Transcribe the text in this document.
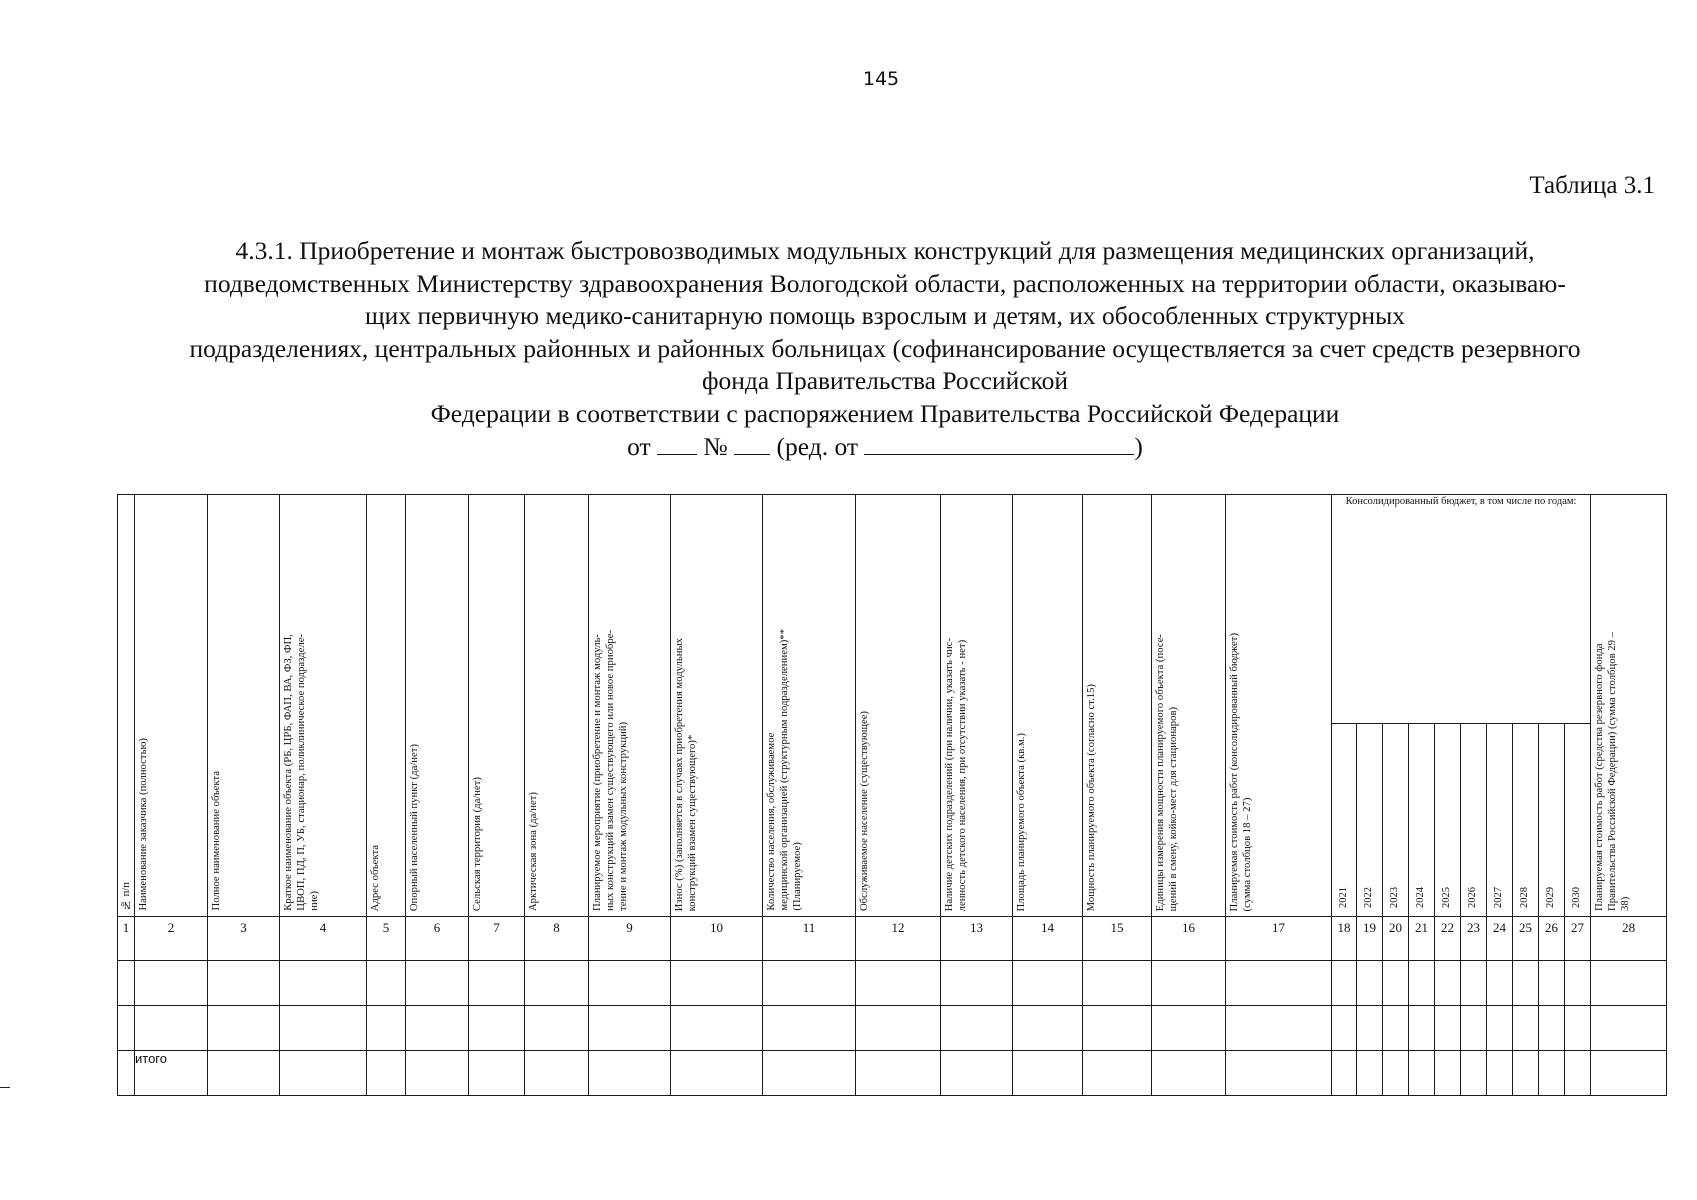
145
Таблица 3.1
4.3.1. Приобретение и монтаж быстровозводимых модульных конструкций для размещения медицинских организаций,
подведомственных Министерству здравоохранения Вологодской области, расположенных на территории области, оказываю-
щих первичную медико-санитарную помощь взрослым и детям, их обособленных структурных
подразделениях, центральных районных и районных больницах (софинансирование осуществляется за счет средств резервного
фонда Правительства Российской
Федерации в соответствии с распоряжением Правительства Российской Федерации
от № (ред. от	)
№ п/п	Наименование заказчика (полностью)	Полное наименование объекта	Краткое наименование объекта (РБ, ЦРБ, ФАП, ВА, ФЗ, ФП,
ЦВОП, ПД, П, УБ, стационар, поликлиническое подразделе-
ние)	Адрес объекта	Опорный населенный пункт (да/нет)	Сельская территория (да/нет)	Арктическая зона (да/нет)	Планируемое мероприятие (приобретение и монтаж модуль-
ных конструкций взамен существующего или новое приобре-
тение и монтаж модульных конструкций)	Износ (%) (заполняется в случаях приобретения модульных
конструкций взамен существующего)*	Количество населения, обслуживаемое
медицинской организацией (структурным подразделением)**
(Планируемое)	Обслуживаемое население (существующее)	Наличие детских подразделений (при наличии, указать чис-
ленность детского населения, при отсутствии указать - нет)	Площадь планируемого объекта (кв.м.)	Мощность планируемого объекта (согласно ст.15)	Единицы измерения мощности планируемого объекта (посе-
щений в смену, койко-мест для стационаров)	Планируемая стоимость работ (консолидированный бюджет)
(сумма столбцов 18 – 27)	Консолидированный бюджет, в том числе по годам:										Планируемая стоимость работ (средства резервного фонда
Правительства Российской Федерации) (сумма столбцов 29 –
38)

																	2021	2022	2023	2024	2025	2026	2027	2028	2029	2030	
1	2	3	4	5	6	7	8	9	10	11	12	13	14	15	16	17	18	19	20	21	22	23	24	25	26	27	28

	итого																										
